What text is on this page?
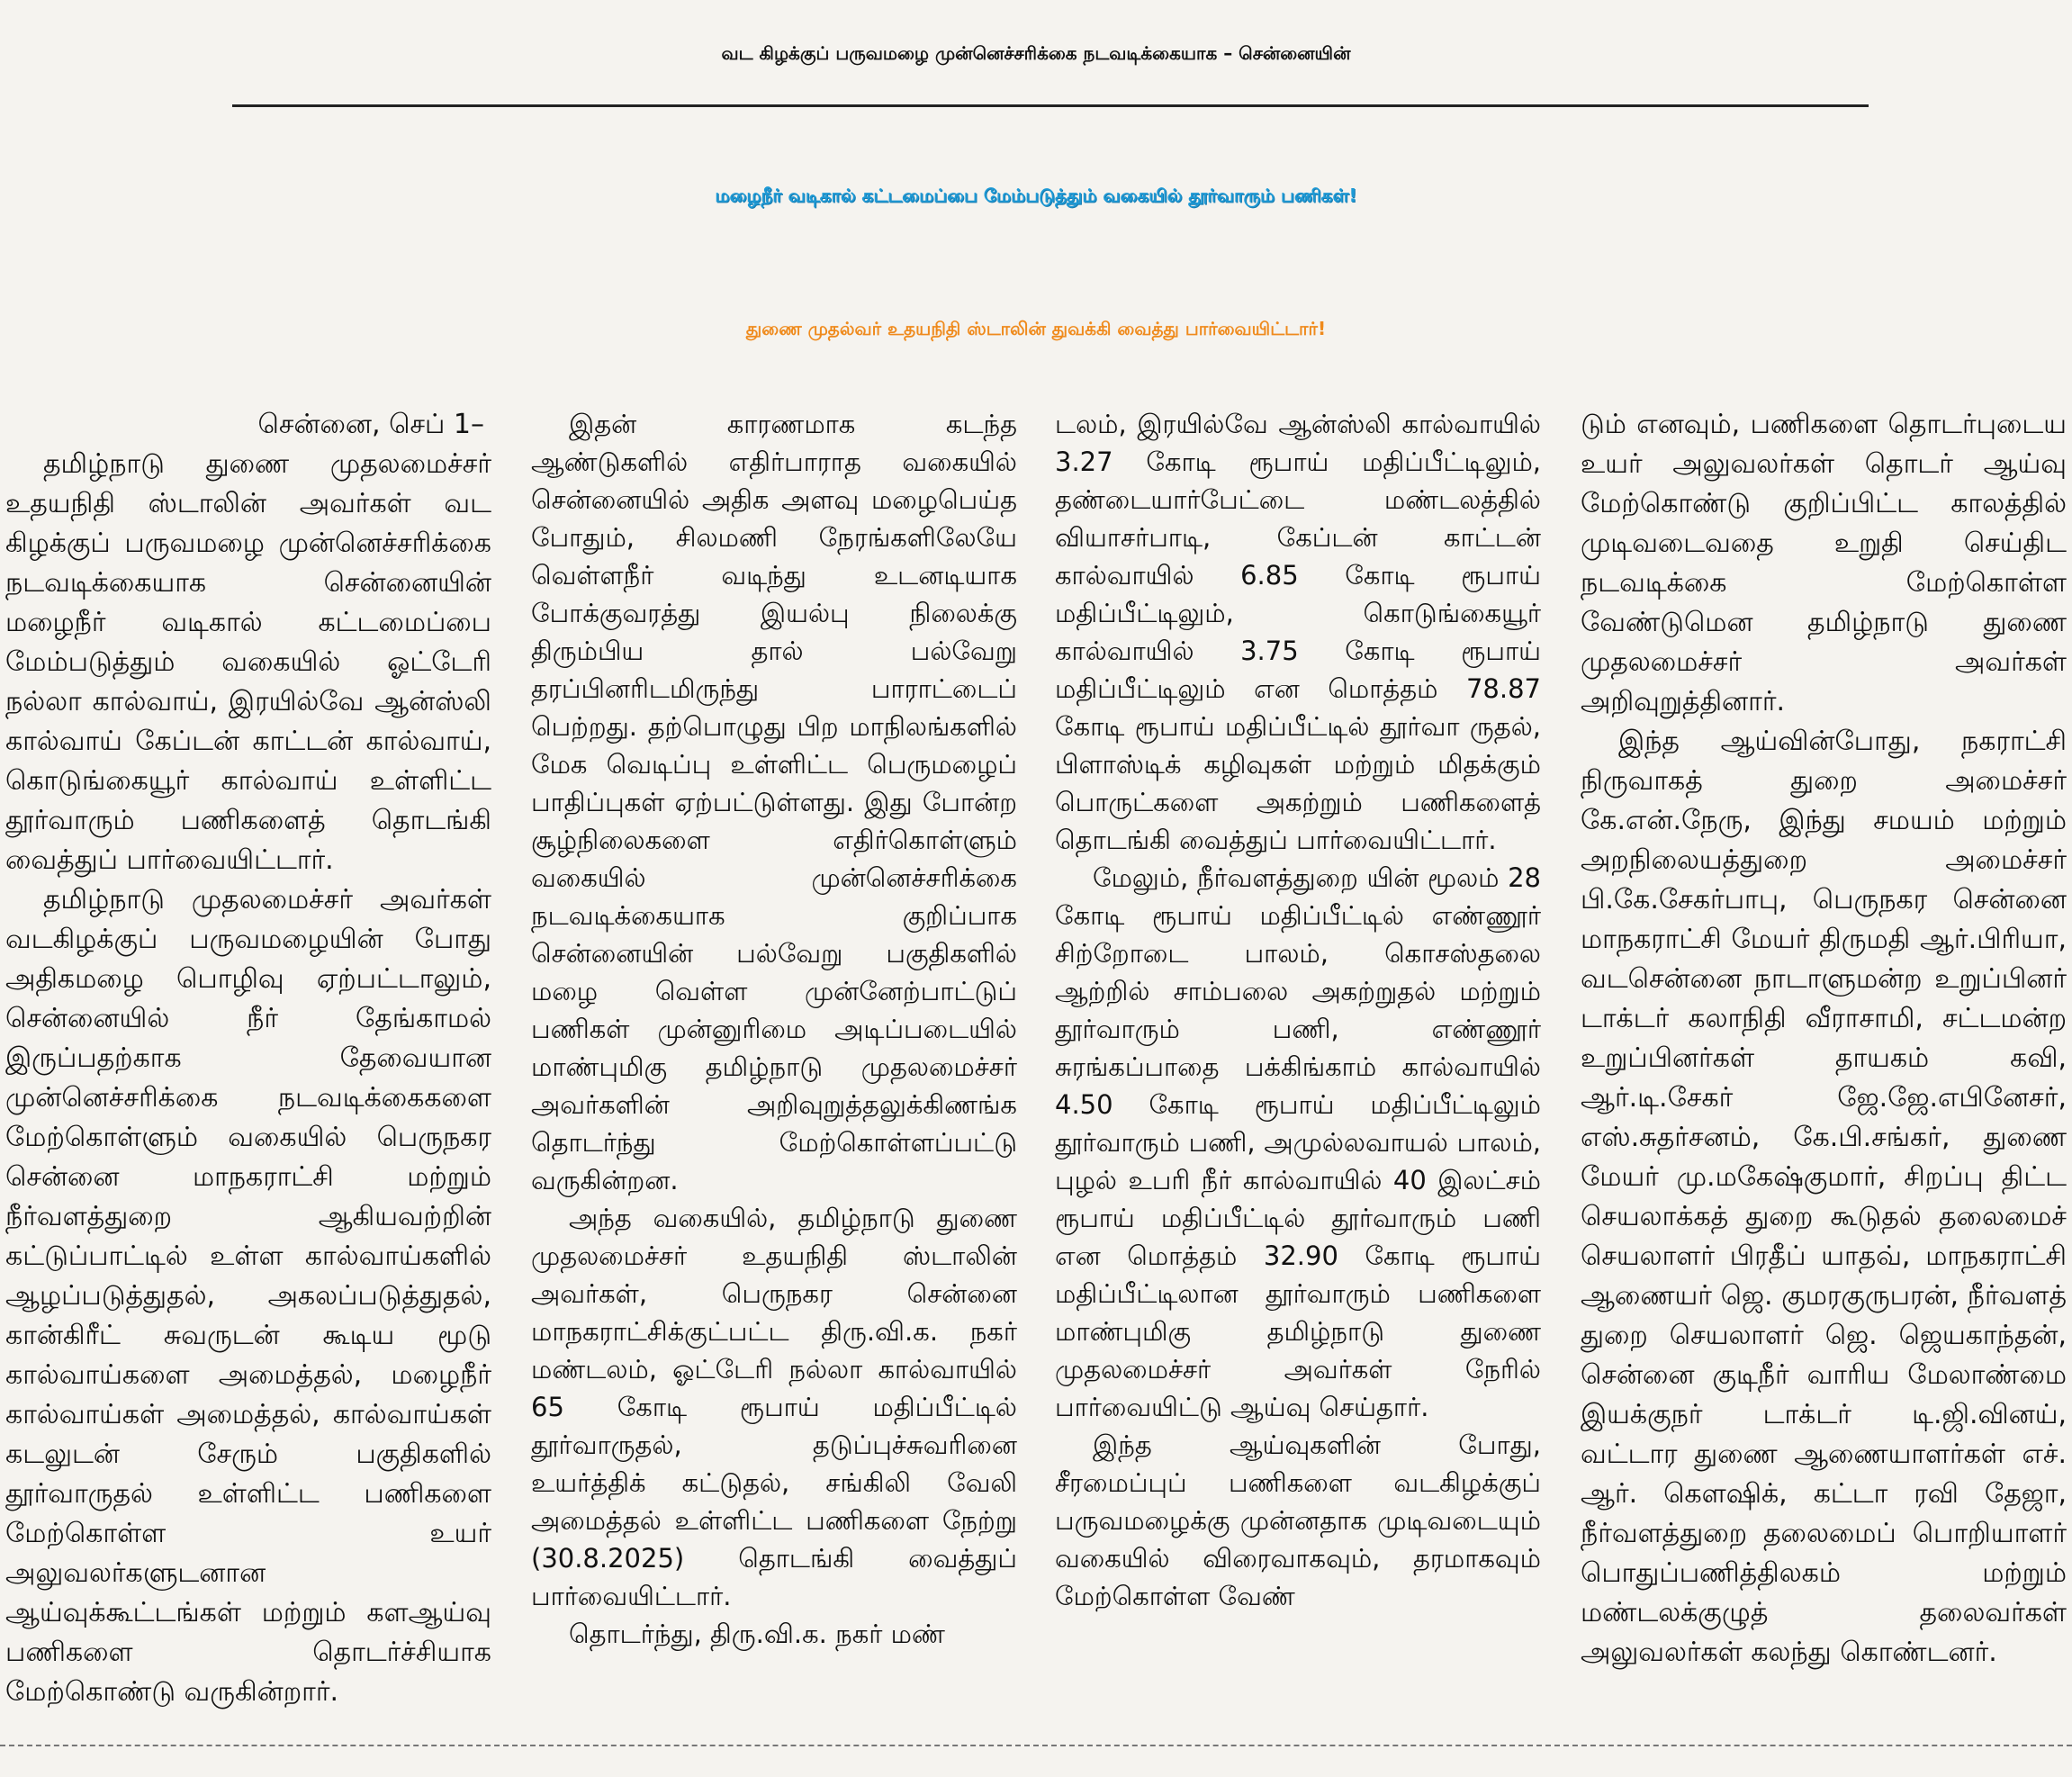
வட கிழக்குப் பருவமழை முன்னெச்சரிக்கை நடவடிக்கையாக – சென்னையின்
மழைநீர் வடிகால் கட்டமைப்பை மேம்படுத்தும் வகையில் தூர்வாரும் பணிகள்!
துணை முதல்வர் உதயநிதி ஸ்டாலின் துவக்கி வைத்து பார்வையிட்டார்!

சென்னை, செப் 1–

தமிழ்நாடு துணை முதலமைச்சர் உதயநிதி ஸ்டாலின் அவர்கள் வட கிழக்குப் பருவமழை முன்னெச்சரிக்கை நடவடிக்கையாக சென்னையின் மழைநீர் வடிகால் கட்டமைப்பை மேம்படுத்தும் வகையில் ஓட்டேரி நல்லா கால்வாய், இரயில்வே ஆன்ஸ்லி கால்வாய் கேப்டன் காட்டன் கால்வாய், கொடுங்கையூர் கால்வாய் உள்ளிட்ட தூர்வாரும் பணிகளைத் தொடங்கி வைத்துப் பார்வையிட்டார்.

தமிழ்நாடு முதலமைச்சர் அவர்கள் வடகிழக்குப் பருவமழையின் போது அதிகமழை பொழிவு ஏற்பட்டாலும், சென்னையில் நீர் தேங்காமல் இருப்பதற்காக தேவையான முன்னெச்சரிக்கை நடவடிக்கைகளை மேற்கொள்ளும் வகையில் பெருநகர சென்னை மாநகராட்சி மற்றும் நீர்வளத்துறை ஆகியவற்றின் கட்டுப்பாட்டில் உள்ள கால்வாய்களில் ஆழப்படுத்துதல், அகலப்படுத்துதல், கான்கிரீட் சுவருடன் கூடிய மூடு கால்வாய்களை அமைத்தல், மழைநீர் கால்வாய்கள் அமைத்தல், கால்வாய்கள் கடலுடன் சேரும் பகுதிகளில் தூர்வாருதல் உள்ளிட்ட பணிகளை மேற்கொள்ள உயர் அலுவலர்களுடனான ஆய்வுக்கூட்டங்கள் மற்றும் களஆய்வு பணிகளை தொடர்ச்சியாக மேற்கொண்டு வருகின்றார்.

இதன் காரணமாக கடந்த ஆண்டுகளில் எதிர்பாராத வகையில் சென்னையில் அதிக அளவு மழைபெய்த போதும், சிலமணி நேரங்களிலேயே வெள்ளநீர் வடிந்து உடனடியாக போக்குவரத்து இயல்பு நிலைக்கு திரும்பிய தால் பல்வேறு தரப்பினரிடமிருந்து பாராட்டைப் பெற்றது. தற்பொழுது பிற மாநிலங்களில் மேக வெடிப்பு உள்ளிட்ட பெருமழைப் பாதிப்புகள் ஏற்பட்டுள்ளது. இது போன்ற சூழ்நிலைகளை எதிர்கொள்ளும் வகையில் முன்னெச்சரிக்கை நடவடிக்கையாக குறிப்பாக சென்னையின் பல்வேறு பகுதிகளில் மழை வெள்ள முன்னேற்பாட்டுப் பணிகள் முன்னுரிமை அடிப்படையில் மாண்புமிகு தமிழ்நாடு முதலமைச்சர் அவர்களின் அறிவுறுத்தலுக்கிணங்க தொடர்ந்து மேற்கொள்ளப்பட்டு வருகின்றன.

அந்த வகையில், தமிழ்நாடு துணை முதலமைச்சர் உதயநிதி ஸ்டாலின் அவர்கள், பெருநகர சென்னை மாநகராட்சிக்குட்பட்ட திரு.வி.க. நகர் மண்டலம், ஓட்டேரி நல்லா கால்வாயில் 65 கோடி ரூபாய் மதிப்பீட்டில் தூர்வாருதல், தடுப்புச்சுவரினை உயர்த்திக் கட்டுதல், சங்கிலி வேலி அமைத்தல் உள்ளிட்ட பணிகளை நேற்று (30.8.2025) தொடங்கி வைத்துப் பார்வையிட்டார்.

தொடர்ந்து, திரு.வி.க. நகர் மண்

டலம், இரயில்வே ஆன்ஸ்லி கால்வாயில் 3.27 கோடி ரூபாய் மதிப்பீட்டிலும், தண்டையார்பேட்டை மண்டலத்தில் வியாசர்பாடி, கேப்டன் காட்டன் கால்வாயில் 6.85 கோடி ரூபாய் மதிப்பீட்டிலும், கொடுங்கையூர் கால்வாயில் 3.75 கோடி ரூபாய் மதிப்பீட்டிலும் என மொத்தம் 78.87 கோடி ரூபாய் மதிப்பீட்டில் தூர்வா ருதல், பிளாஸ்டிக் கழிவுகள் மற்றும் மிதக்கும் பொருட்களை அகற்றும் பணிகளைத் தொடங்கி வைத்துப் பார்வையிட்டார்.

மேலும், நீர்வளத்துறை யின் மூலம் 28 கோடி ரூபாய் மதிப்பீட்டில் எண்ணூர் சிற்றோடை பாலம், கொசஸ்தலை ஆற்றில் சாம்பலை அகற்றுதல் மற்றும் தூர்வாரும் பணி, எண்ணூர் சுரங்கப்பாதை பக்கிங்காம் கால்வாயில் 4.50 கோடி ரூபாய் மதிப்பீட்டிலும் தூர்வாரும் பணி, அமுல்லவாயல் பாலம், புழல் உபரி நீர் கால்வாயில் 40 இலட்சம் ரூபாய் மதிப்பீட்டில் தூர்வாரும் பணி என மொத்தம் 32.90 கோடி ரூபாய் மதிப்பீட்டிலான தூர்வாரும் பணிகளை மாண்புமிகு தமிழ்நாடு துணை முதலமைச்சர் அவர்கள் நேரில் பார்வையிட்டு ஆய்வு செய்தார்.

இந்த ஆய்வுகளின் போது, சீரமைப்புப் பணிகளை வடகிழக்குப் பருவமழைக்கு முன்னதாக முடிவடையும் வகையில் விரைவாகவும், தரமாகவும் மேற்கொள்ள வேண்

டும் எனவும், பணிகளை தொடர்புடைய உயர் அலுவலர்கள் தொடர் ஆய்வு மேற்கொண்டு குறிப்பிட்ட காலத்தில் முடிவடைவதை உறுதி செய்திட நடவடிக்கை மேற்கொள்ள வேண்டுமென தமிழ்நாடு துணை முதலமைச்சர் அவர்கள் அறிவுறுத்தினார்.

இந்த ஆய்வின்போது, நகராட்சி நிருவாகத் துறை அமைச்சர் கே.என்.நேரு, இந்து சமயம் மற்றும் அறநிலையத்துறை அமைச்சர் பி.கே.சேகர்பாபு, பெருநகர சென்னை மாநகராட்சி மேயர் திருமதி ஆர்.பிரியா, வடசென்னை நாடாளுமன்ற உறுப்பினர் டாக்டர் கலாநிதி வீராசாமி, சட்டமன்ற உறுப்பினர்கள் தாயகம் கவி, ஆர்.டி.சேகர் ஜே.ஜே.எபினேசர், எஸ்.சுதர்சனம், கே.பி.சங்கர், துணை மேயர் மு.மகேஷ்குமார், சிறப்பு திட்ட செயலாக்கத் துறை கூடுதல் தலைமைச் செயலாளர் பிரதீப் யாதவ், மாநகராட்சி ஆணையர் ஜெ. குமரகுருபரன், நீர்வளத் துறை செயலாளர் ஜெ. ஜெயகாந்தன், சென்னை குடிநீர் வாரிய மேலாண்மை இயக்குநர் டாக்டர் டி.ஜி.வினய், வட்டார துணை ஆணையாளர்கள் எச். ஆர். கௌஷிக், கட்டா ரவி தேஜா, நீர்வளத்துறை தலைமைப் பொறியாளர் பொதுப்பணித்திலகம் மற்றும் மண்டலக்குழுத் தலைவர்கள் அலுவலர்கள் கலந்து கொண்டனர்.
